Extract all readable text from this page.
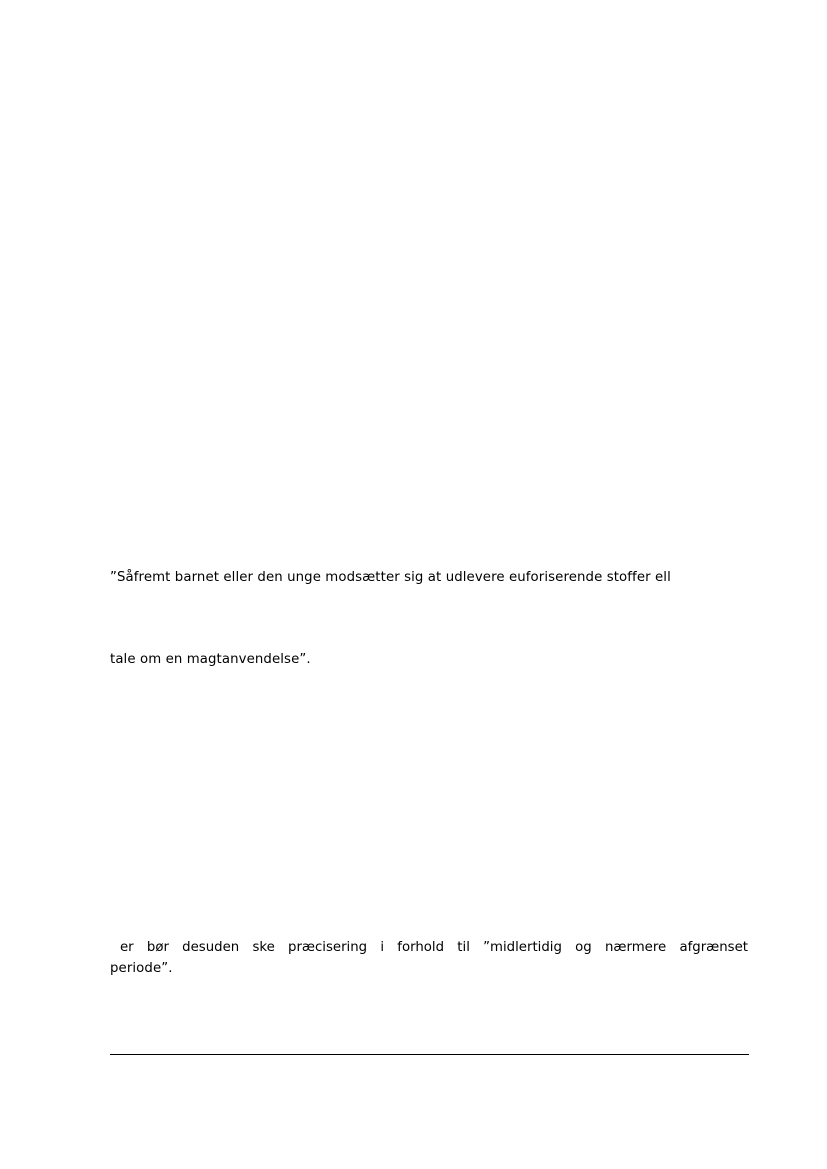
”Såfremt barnet eller den unge modsætter sig at udlevere euforiserende stoffer ell
tale om en magtanvendelse”.
er bør desuden ske præcisering i forhold til ”midlertidig og nærmere afgrænset
periode”.
